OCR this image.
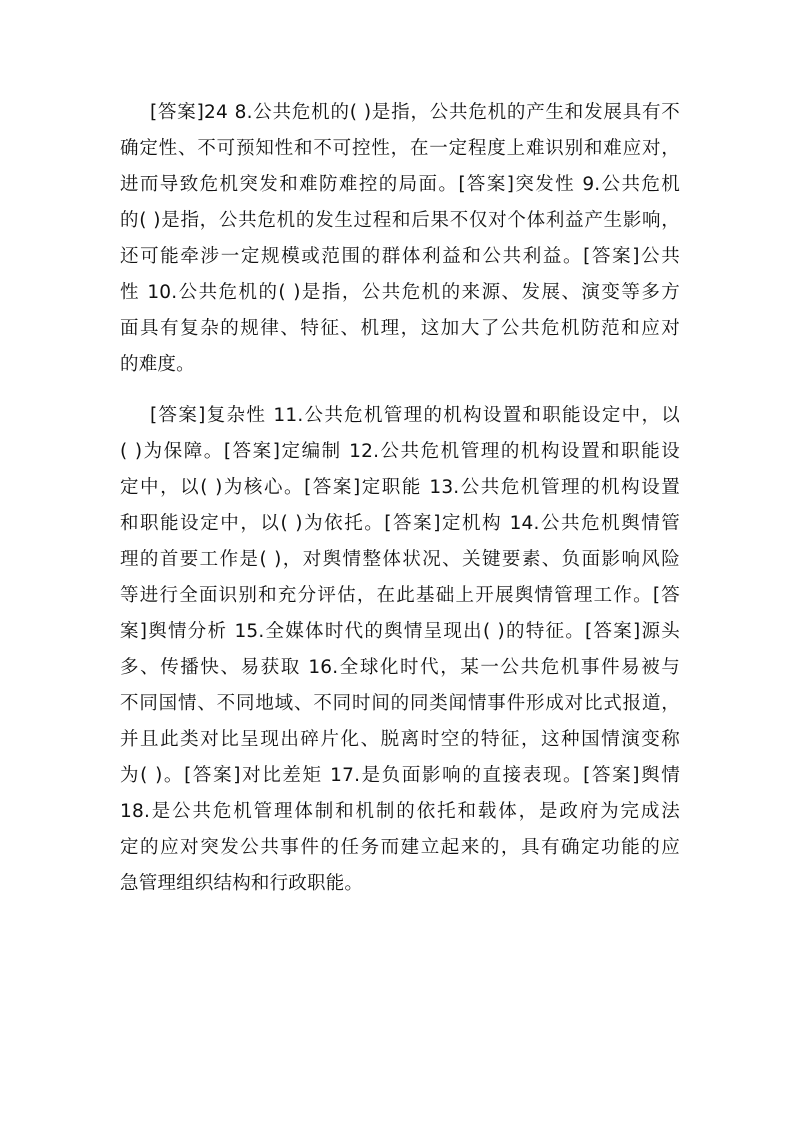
[答案]24 8.公共危机的( )是指，公共危机的产生和发展具有不
确定性、不可预知性和不可控性，在一定程度上难识别和难应对，
进而导致危机突发和难防难控的局面。[答案]突发性 9.公共危机
的( )是指，公共危机的发生过程和后果不仅对个体利益产生影响，
还可能牵涉一定规模或范围的群体利益和公共利益。[答案]公共
性 10.公共危机的( )是指，公共危机的来源、发展、演变等多方
面具有复杂的规律、特征、机理，这加大了公共危机防范和应对
的难度。
[答案]复杂性 11.公共危机管理的机构设置和职能设定中，以
( )为保障。[答案]定编制 12.公共危机管理的机构设置和职能设
定中，以( )为核心。[答案]定职能 13.公共危机管理的机构设置
和职能设定中，以( )为依托。[答案]定机构 14.公共危机舆情管
理的首要工作是( )，对舆情整体状况、关键要素、负面影响风险
等进行全面识别和充分评估，在此基础上开展舆情管理工作。[答
案]舆情分析 15.全媒体时代的舆情呈现出( )的特征。[答案]源头
多、传播快、易获取 16.全球化时代，某一公共危机事件易被与
不同国情、不同地域、不同时间的同类闻情事件形成对比式报道，
并且此类对比呈现出碎片化、脱离时空的特征，这种国情演变称
为( )。[答案]对比差矩 17.是负面影响的直接表现。[答案]舆情
18.是公共危机管理体制和机制的依托和载体，是政府为完成法
定的应对突发公共事件的任务而建立起来的，具有确定功能的应
急管理组织结构和行政职能。
